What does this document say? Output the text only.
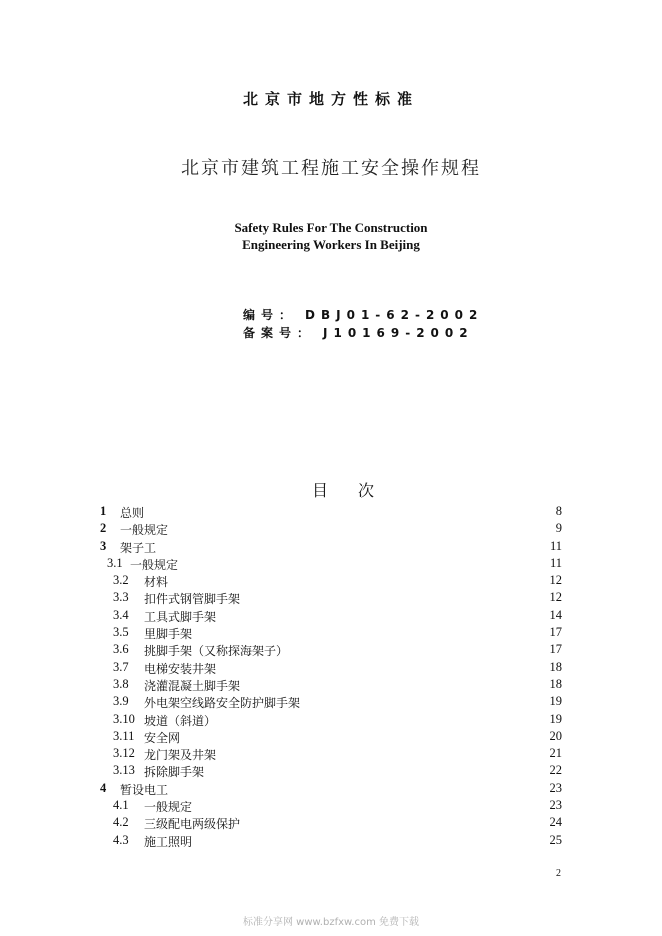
北京市地方性标准
北京市建筑工程施工安全操作规程
Safety Rules For The Construction
Engineering Workers In Beijing
编号： DBJ01-62-2002
备案号： J10169-2002
目次
1 总则	8
2 一般规定	9
3 架子工	11
3.1 一般规定	11
3.2 材料	12
3.3 扣件式钢管脚手架	12
3.4 工具式脚手架	14
3.5 里脚手架	17
3.6 挑脚手架（又称探海架子）	17
3.7 电梯安装井架	18
3.8 浇灌混凝土脚手架	18
3.9 外电架空线路安全防护脚手架	19
3.10 坡道（斜道）	19
3.11 安全网	20
3.12 龙门架及井架	21
3.13 拆除脚手架	22
4 暂设电工	23
4.1 一般规定	23
4.2 三级配电两级保护	24
4.3 施工照明	25
2
标准分享网 www.bzfxw.com 免费下载
